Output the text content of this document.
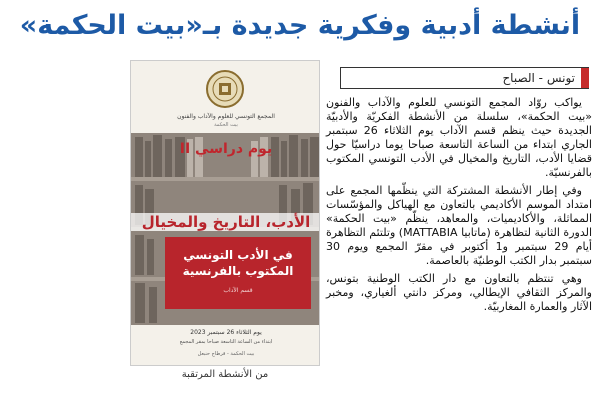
أنشطة أدبية وفكرية جديدة بـ«بيت الحكمة»
تونس - الصباح

يواكب روّاد المجمع التونسي للعلوم والآداب والفنون «بيت الحكمة»، سلسلة من الأنشطة الفكريّة والأدبيّة الجديدة حيث ينظم قسم الآداب يوم الثلاثاء 26 سبتمبر الجاري ابتداء من الساعة التاسعة صباحا يوما دراسيّا حول قضايا الأدب، التاريخ والمخيال في الأدب التونسي المكتوب بالفرنسيّة.

وفي إطار الأنشطة المشتركة التي ينظّمها المجمع على امتداد الموسم الأكاديمي بالتعاون مع الهياكل والمؤسّسات المماثلة، والأكاديميات، والمعاهد، ينظّم «بيت الحكمة» الدورة الثانية لتظاهرة (ماتابيا MATTABIA) وتلتئم التظاهرة أيام 29 سبتمبر و1 أكتوبر في مقرّ المجمع ويوم 30 سبتمبر بدار الكتب الوطنيّة بالعاصمة.

وهي تنتظم بالتعاون مع دار الكتب الوطنية بتونس، والمركز الثقافي الإيطالي، ومركز دانتي ألغياري، ومخبر الآثار والعمارة المغاربيّة.

المجمع التونسي للعلوم والآداب والفنون
بيت الحكمة
يوم دراسي II
الأدب، التاريخ والمخيال
في الأدب التونسي
المكتوب بالفرنسية
قسم الآداب
يوم الثلاثاء 26 سبتمبر 2023
ابتداء من الساعة التاسعة صباحا بمقر المجمع
بيت الحكمة - قرطاج حنبعل
من الأنشطة المرتقبة
